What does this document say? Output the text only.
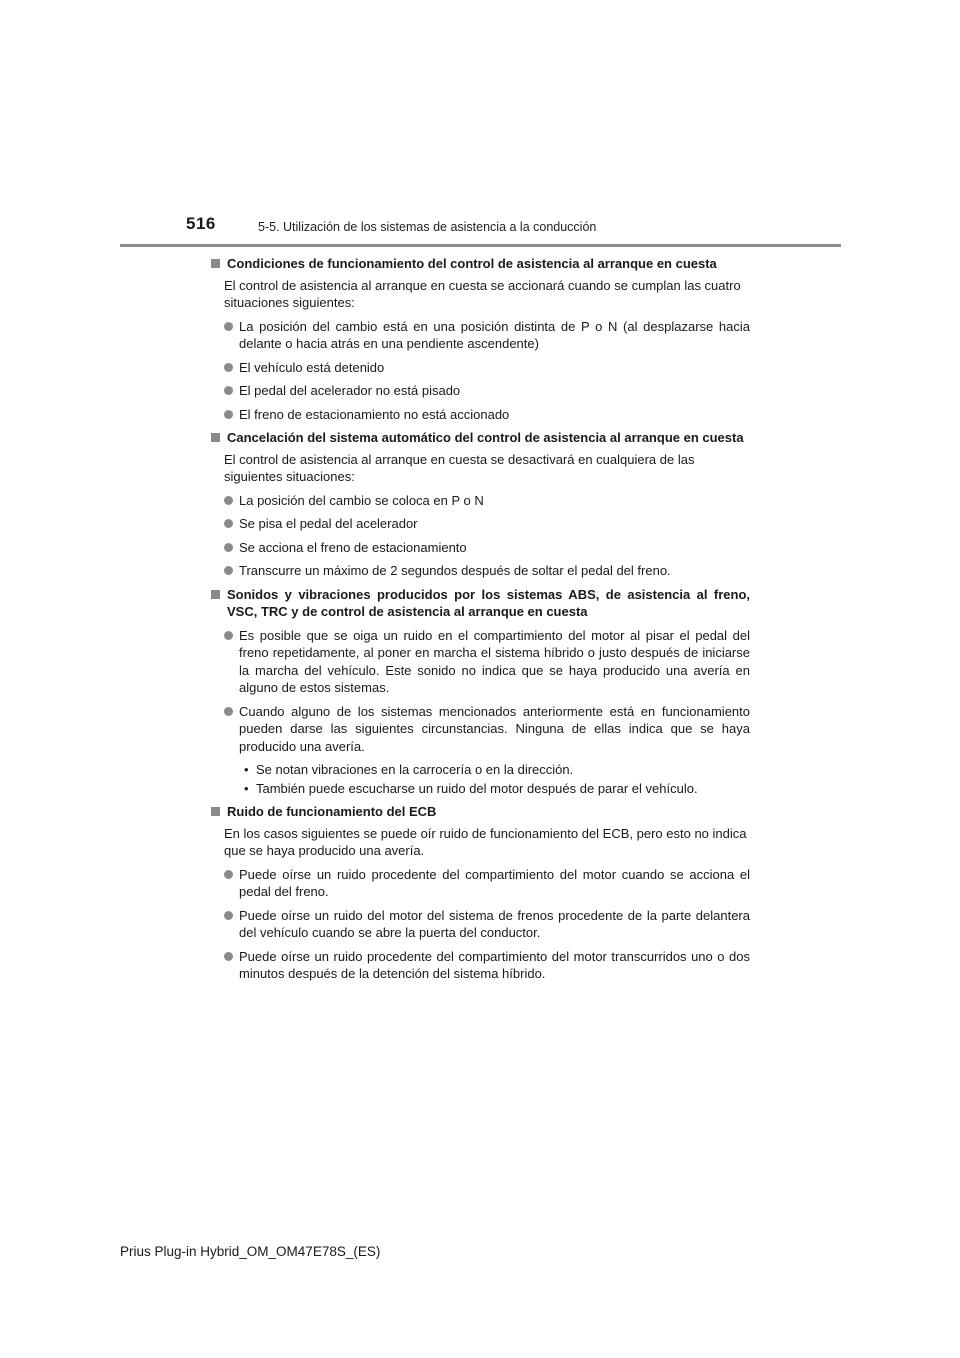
516	5-5. Utilización de los sistemas de asistencia a la conducción
Condiciones de funcionamiento del control de asistencia al arranque en cuesta
El control de asistencia al arranque en cuesta se accionará cuando se cumplan las cuatro situaciones siguientes:
La posición del cambio está en una posición distinta de P o N (al desplazarse hacia delante o hacia atrás en una pendiente ascendente)
El vehículo está detenido
El pedal del acelerador no está pisado
El freno de estacionamiento no está accionado
Cancelación del sistema automático del control de asistencia al arranque en cuesta
El control de asistencia al arranque en cuesta se desactivará en cualquiera de las siguientes situaciones:
La posición del cambio se coloca en P o N
Se pisa el pedal del acelerador
Se acciona el freno de estacionamiento
Transcurre un máximo de 2 segundos después de soltar el pedal del freno.
Sonidos y vibraciones producidos por los sistemas ABS, de asistencia al freno, VSC, TRC y de control de asistencia al arranque en cuesta
Es posible que se oiga un ruido en el compartimiento del motor al pisar el pedal del freno repetidamente, al poner en marcha el sistema híbrido o justo después de iniciarse la marcha del vehículo. Este sonido no indica que se haya producido una avería en alguno de estos sistemas.
Cuando alguno de los sistemas mencionados anteriormente está en funcionamiento pueden darse las siguientes circunstancias. Ninguna de ellas indica que se haya producido una avería.
• Se notan vibraciones en la carrocería o en la dirección.
• También puede escucharse un ruido del motor después de parar el vehículo.
Ruido de funcionamiento del ECB
En los casos siguientes se puede oír ruido de funcionamiento del ECB, pero esto no indica que se haya producido una avería.
Puede oírse un ruido procedente del compartimiento del motor cuando se acciona el pedal del freno.
Puede oírse un ruido del motor del sistema de frenos procedente de la parte delantera del vehículo cuando se abre la puerta del conductor.
Puede oírse un ruido procedente del compartimiento del motor transcurridos uno o dos minutos después de la detención del sistema híbrido.
Prius Plug-in Hybrid_OM_OM47E78S_(ES)
